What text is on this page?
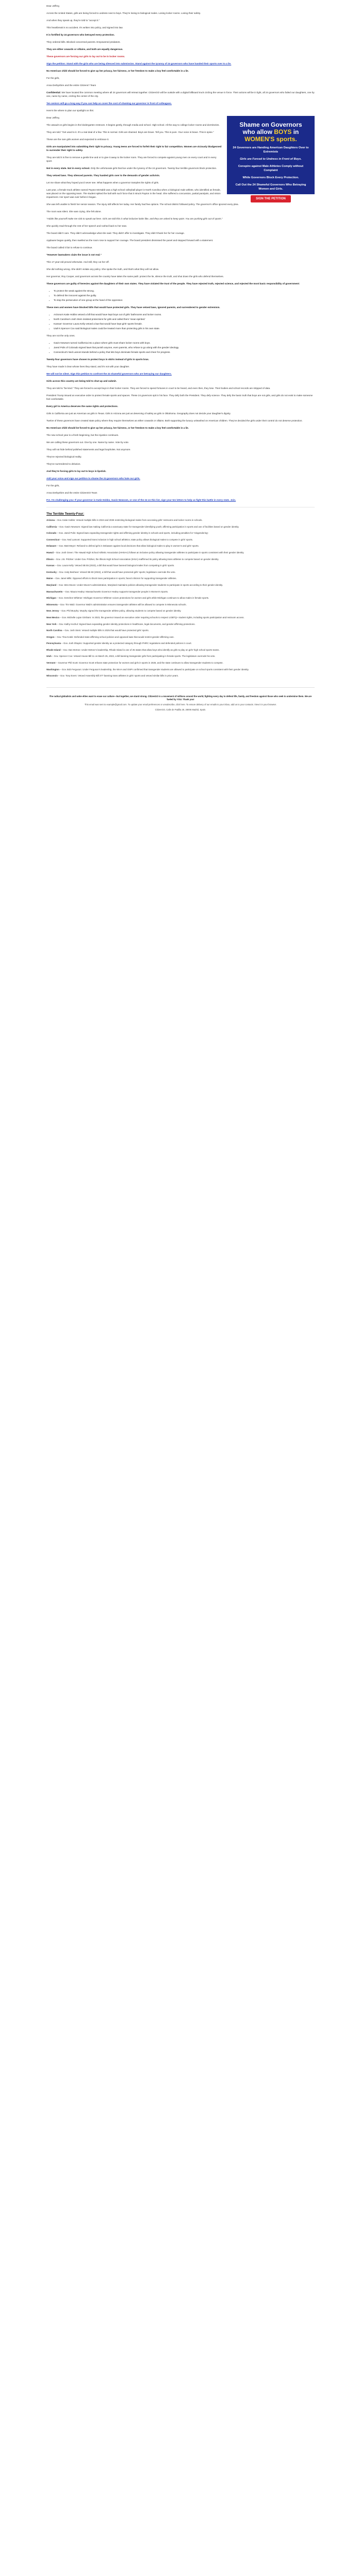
Dear Jeffrey,

Across the United States, girls are being forced to undress next to boys. They're losing to biological males. Losing locker rooms. Losing their safety.

And when they speak up, they're told to "accept it."

This heartbreak is no accident. It's written into policy, and signed into law.

It is fortified by 24 governors who betrayed every protection.

They ordered bills. Blocked concerned parents. Empowered predators.

They are either cowards or villains, and both are equally dangerous.

These governors are forcing our girls to lay out to be in locker rooms.

Sign the petition: Stand with the girls who are being silenced into submission. Stand against the tyranny of 24 governors who have handed their sports over to a lie.

No American child should be forced to give up her privacy, her fairness, or her freedom to make a boy feel comfortable in a lie.

For the girls,

Anna Derbyshire and the entire Citizens? Team

Confidential: We have located the common meeting where all 24 governors will retreat together. CitizenGO will be outside with a digital billboard truck circling the venue in force. Their actions will be in light, all 24 governors who failed our daughters, one by one, name by name, circling the center of the city.

Ten seniors will go a long way if you can help us cover the cost of shaming our governor in front of colleagues.

Here's the where to plan our spotlight on this:

Shame on Governors
who allow BOYS in
WOMEN'S sports.
24 Governors are Handing American Daughters Over to Extremists
Girls are Forced to Undress in Front of Boys.
Conspire against Male Athletes Comply without Complaint
While Governors Block Every Protection.
Call Out the 24 Shameful Governors Who Betraying Women and Girls.
SIGN THE PETITION

Dear Jeffrey,

The assault on girls begins in the kindergarten restroom. It begins gently, through media and school. High school. All the way to college locker rooms and dormitories.

They are told: "Get used to it. It's a real deal of a few. This is normal. Girls are shamed. Boys are brave. Tell you. This is pure. Your voice is brave. This is spine."

These are the rare girls women and expected to embrace it.

Girls are manipulated into submitting their right to privacy. Young teens are forced to forfeit their right to fair competition. Women are viciously bludgeoned to surrender their right to safety.

They are told it is fine to remove a gentle line and or to give it away to the locker room. They are forced to compete against young men on every court and in every sport.

Not in every state. Not in every school. Only the unfortunate girls that live under the tyranny of the 24 governors. Twenty-four terrible governors block protection.

They vetoed laws. They silenced parents. They handed girls over to the demands of gender activists.

Let me share what they hoped you'd never see. What happens when a governor tramples the rights of girls.

Last year, a female track athlete named Payton McNabb was a high school volleyball player in North Carolina when a biological male athlete, who identified as female, was placed on the opposing team. The student spiked the ball with such force that it struck Payton in the head. She suffered a concussion, partial paralysis, and vision impairment. Her sport was over before it began.

She was left unable to finish her senior season. The injury still affects her today. Her family had few options. The school district followed policy. The governor's office ignored every plea.

The room was silent. She was crying. She felt alone.

"Adults like yourself make me sick to speak out here. Girls are told this is what inclusive looks like, and they are asked to keep quiet. You are pushing girls out of sports."

She quickly read through the rest of her speech and rushed back to her seat.

The board didn't care. They didn't acknowledge what she said. They didn't offer to investigate. They didn't thank her for her courage.

Applause began quietly, then swelled as the room rose to support her courage. The board president dismissed the panel and stepped forward with a statement.

The board called it fair to refuse to continue.

"However lawmakers claim the issue is not real."

This 17-year-old proved otherwise. And still, they cut her off.

She did nothing wrong. She didn't violate any policy. She spoke the truth, and that's what they will not allow.

Her governor, Roy Cooper, and governors across the country have taken the same path: protect the lie, silence the truth, and shut down the girls who defend themselves.

These governors are guilty of heresies against the daughters of their own states. They have violated the trust of the people. They have rejected truth, rejected science, and rejected the most basic responsibility of government:

• To protect the weak against the strong.
• To defend the innocent against the guilty.
• To stop the persecution of one group at the hand of the oppressor.

These men and women have blocked bills that would have protected girls. They have vetoed laws, ignored parents, and surrendered to gender extremism.

• Arizona's Katie Hobbs vetoed a bill that would have kept boys out of girls' bathrooms and locker rooms.
• North Carolina's Josh Stein insisted protections for girls and called them 'mean-spirited.'
• Kansas' Governor Laura Kelly vetoed a law that would have kept girls' sports female.
• Utah's Spencer Cox said biological males could be treated more than protecting girls in his own state.

They are not the only ones.

• Gavin Newsom turned California into a place where girls must share locker rooms with boys.
• Jared Polis of Colorado signed laws that punish anyone, even parents, who refuse to go along with the gender ideology.
• Connecticut's Ned Lamont stands behind a policy that lets boys dominate female sports and cheer for progress.

Twenty-four governors have chosen to protect boys in skirts instead of girls in sports bras.

They have made it clear whose lives they stand, and it's not with your daughter.

We will not be silent. Sign this petition to confront the 24 shameful governors who are betraying our daughters.

Girls across this country are being told to shut up and submit.

They are told to "be kind." They are forced to accept boys in their locker rooms. They are forced to spend fortunes in court to be heard, and even then, they lose. Their bodies and school records are stripped of data.

President Trump issued an executive order to protect female sports and spaces. These 24 governors spit in his face. They defy both the President. They defy science. They defy the basic truth that boys are not girls, and girls do not exist to make someone feel comfortable.

Every girl in America deserves the same rights and protections.

Girls in California are just as American as girls in Texas. Girls in Arizona are just as deserving of safety as girls in Oklahoma. Geography does not decide your daughter's dignity.

Twelve of these governors have created state policy where they require themselves as either cowards or villains. Both supporting the lunacy unleashed on American children. They've decided the girls under their control do not deserve protection.

No American child should be forced to give up her privacy, her fairness, or her freedom to make a boy feel comfortable in a lie.

The new school year is a fresh beginning, but the injustice continues.

We are calling these governors out. One by one. Name by name. Vote by vote.

They will not hide behind polished statements and legal loopholes. Not anymore.

They've rejected biological reality.

They've surrendered to delusion.

And they're forcing girls to lay out to boys in lipstick.

Add your voice and sign our petition to shame the 24 governors who hate our girls.

For the girls,

Anna Derbyshire and the entire CitizenGO Team

P.S. I'm challenging you: If your governor is Katie Hobbs, Gavin Newsom, or one of the 24 on this list, sign your ten letters to help us fight this battle in every state. Join.

The Terrible Twenty-Four:

Arizona – Gov. Katie Hobbs: Vetoed multiple bills in 2024 and 2025 restricting biological males from accessing girls' restrooms and locker rooms in schools.

California – Gov. Gavin Newsom: Signed law making California a sanctuary state for transgender-identifying youth; affirming participation in sports and use of facilities based on gender identity.

Colorado – Gov. Jared Polis: Signed laws expanding transgender rights and affirming gender identity in schools and sports, including penalties for 'misgendering'.

Connecticut – Gov. Ned Lamont: Supported trans inclusion in high school athletics; state policy allows biological males to compete in girls' sports.

Delaware – Gov. Matt Meyer: Refused to defend girls in Delaware against local decisions that allow biological males to play in women's and girls' sports.

Hawaii – Gov. Josh Green: The Hawaii High School Athletic Association (HHSAA) follows an inclusive policy allowing transgender athletes to participate in sports consistent with their gender identity.

Illinois – Gov. J.B. Pritzker: Under Gov. Pritzker, the Illinois High School Association (IHSA) reaffirmed its policy allowing trans athletes to compete based on gender identity.

Kansas – Gov. Laura Kelly: Vetoed SB 55 (2023), a bill that would have banned biological males from competing in girls' sports.

Kentucky – Gov. Andy Beshear: Vetoed SB 83 (2022), a bill that would have protected girls' sports; legislature overrode the veto.

Maine – Gov. Janet Mills: Opposed efforts to block trans participation in sports; faced criticism for supporting transgender athletes.

Maryland – Gov. Wes Moore: Under Moore's administration, Maryland maintains policies allowing transgender students to participate in sports according to their gender identity.

Massachusetts – Gov. Maura Healey: Massachusetts Governor Healey supports transgender people in Women's Sports.

Michigan – Gov. Gretchen Whitmer: Michigan Governor Whitmer voices protections for women and girls while Michigan continues to allow males in female sports.

Minnesota – Gov. Tim Walz: Governor Walz's administration ensures transgender athletes will be allowed to compete in Minnesota schools.

New Jersey – Gov. Phil Murphy: Murphy signed the transgender athlete policy, allowing students to compete based on gender identity.

New Mexico – Gov. Michelle Lujan Grisham: In 2023, the governor issued an executive order requiring schools to respect LGBTQ+ student rights, including sports participation and restroom access.

New York – Gov. Kathy Hochul: Signed laws expanding gender identity protections in healthcare, legal documents, and gender-affirming protections.

North Carolina – Gov. Josh Stein: Vetoed multiple bills in 2025 that would have protected girls' sports.

Oregon – Gov. Tina Kotek: Defended state-affirming school policies and opposed laws that would restrict gender-affirming care.

Pennsylvania – Gov. Josh Shapiro: Supported gender identity as a protected category through PHRC regulations and defended policies in court.

Rhode Island – Gov. Dan McKee: Under McKee's leadership, Rhode Island is one of 25 states that allow boys who identify as girls to play on girls' high school sports teams.

Utah – Gov. Spencer Cox: Vetoed House Bill 11 on March 25, 2022, a bill banning transgender girls from participating in female sports. The legislature overrode his veto.

Vermont – Governor Phil Scott: Governor Scott refuses state protection for women and girls in sports in 2025, and the state continues to allow transgender students to compete.

Washington – Gov. Bob Ferguson: Under Ferguson's leadership, the WIAA and OSPI confirmed that transgender students are allowed to participate on school sports consistent with their gender identity.

Wisconsin – Gov. Tony Evers: Vetoed Assembly Bill 377 banning trans athletes in girls' sports and vetoed similar bills in prior years.

The radical globalists and woke elites want to erase our culture—but together, we stand strong. CitizenGO is a movement of millions around the world, fighting every day to defend life, family, and freedom against those who seek to undermine them. We are fueled by YOU. Thank you!

This email was sent to example@gmail.com. To update your email preferences or unsubscribe, click here. To ensure delivery of our emails to your inbox, add us to your contacts. View it in your browser.

CitizenGO, Calle de Padilla 28, 28006 Madrid, Spain.
